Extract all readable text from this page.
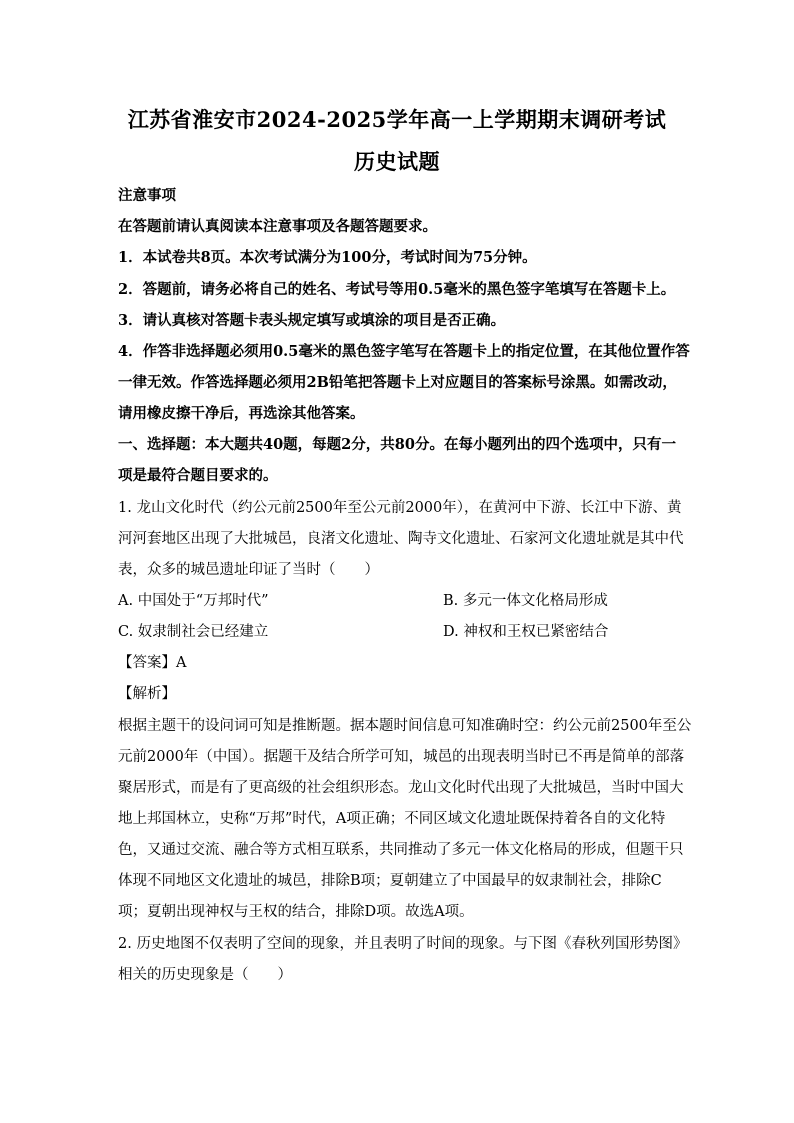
江苏省淮安市2024-2025学年高一上学期期末调研考试
历史试题
注意事项
在答题前请认真阅读本注意事项及各题答题要求。
1．本试卷共8页。本次考试满分为100分，考试时间为75分钟。
2．答题前，请务必将自己的姓名、考试号等用0.5毫米的黑色签字笔填写在答题卡上。
3．请认真核对答题卡表头规定填写或填涂的项目是否正确。
4．作答非选择题必须用0.5毫米的黑色签字笔写在答题卡上的指定位置，在其他位置作答
一律无效。作答选择题必须用2B铅笔把答题卡上对应题目的答案标号涂黑。如需改动，
请用橡皮擦干净后，再选涂其他答案。
一、选择题：本大题共40题，每题2分，共80分。在每小题列出的四个选项中，只有一
项是最符合题目要求的。
1. 龙山文化时代（约公元前2500年至公元前2000年），在黄河中下游、长江中下游、黄
河河套地区出现了大批城邑，良渚文化遗址、陶寺文化遗址、石家河文化遗址就是其中代
表，众多的城邑遗址印证了当时（　　）
A. 中国处于“万邦时代”	B. 多元一体文化格局形成
C. 奴隶制社会已经建立	D. 神权和王权已紧密结合
【答案】A
【解析】
根据主题干的设问词可知是推断题。据本题时间信息可知准确时空：约公元前2500年至公
元前2000年（中国）。据题干及结合所学可知，城邑的出现表明当时已不再是简单的部落
聚居形式，而是有了更高级的社会组织形态。龙山文化时代出现了大批城邑，当时中国大
地上邦国林立，史称“万邦”时代，A项正确；不同区域文化遗址既保持着各自的文化特
色，又通过交流、融合等方式相互联系，共同推动了多元一体文化格局的形成，但题干只
体现不同地区文化遗址的城邑，排除B项；夏朝建立了中国最早的奴隶制社会，排除C
项；夏朝出现神权与王权的结合，排除D项。故选A项。
2. 历史地图不仅表明了空间的现象，并且表明了时间的现象。与下图《春秋列国形势图》
相关的历史现象是（　　）
